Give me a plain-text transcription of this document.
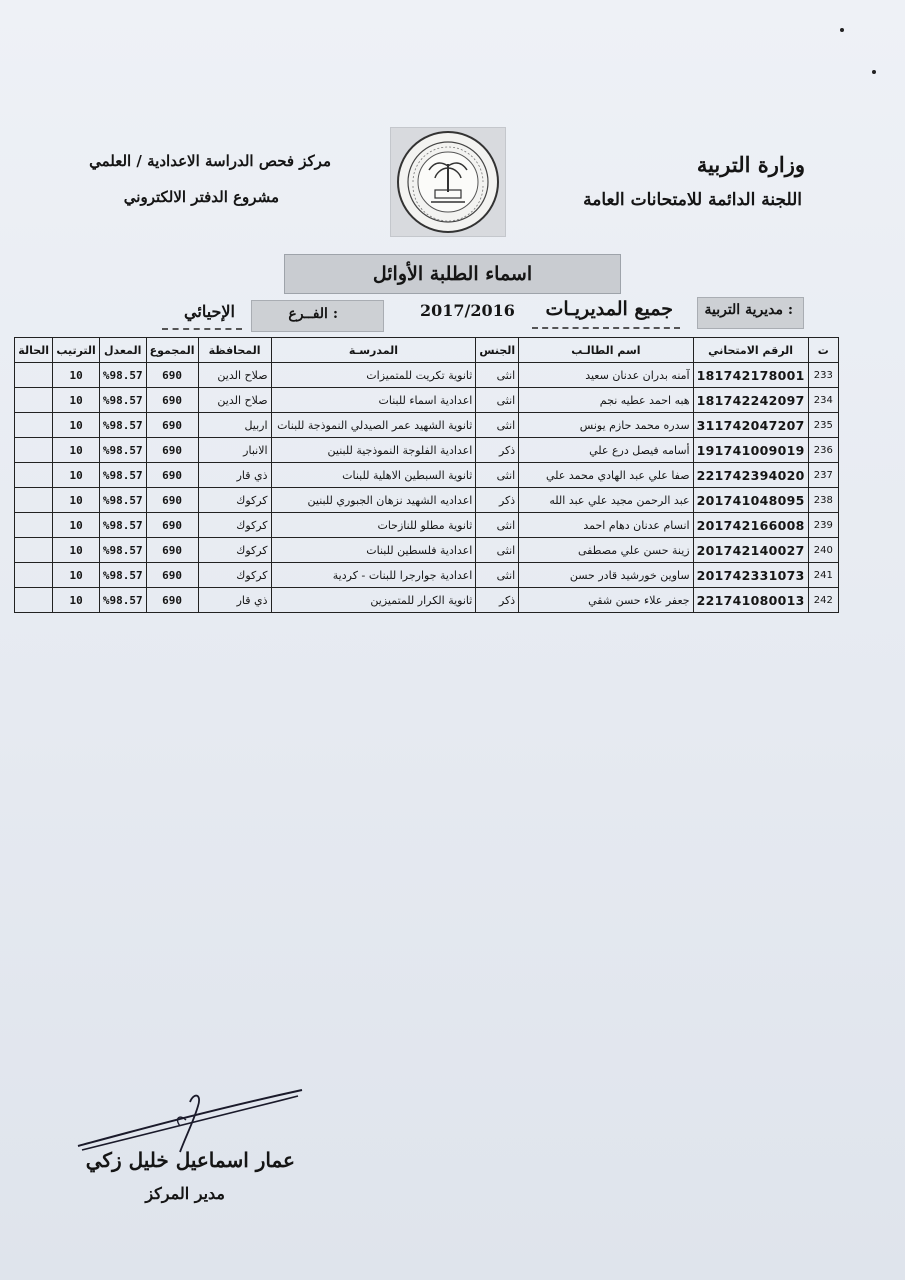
وزارة التربية
اللجنة الدائمة للامتحانات العامة
مركز فحص الدراسة الاعدادية / العلمي
مشروع الدفتر الالكتروني
اسماء الطلبة الأوائل
مديرية التربية :
جميع المديريـات
2017/2016
الفــرع :
الإحيائي
ت	الرقم الامتحاني	اسم الطالـب	الجنس	المدرسـة	المحافظة	المجموع	المعدل	الترتيب	الحالة
233	181742178001	آمنه بدران عدنان سعيد	انثى	ثانوية تكريت للمتميزات	صلاح الدين	690	%98.57	10	
234	181742242097	هبه احمد عطيه نجم	انثى	اعدادية اسماء للبنات	صلاح الدين	690	%98.57	10	
235	311742047207	سدره محمد حازم يونس	انثى	ثانوية الشهيد عمر الصيدلي النموذجة للبنات	اربيل	690	%98.57	10	
236	191741009019	أسامه فيصل درع علي	ذكر	اعدادية الفلوجة النموذجية للبنين	الانبار	690	%98.57	10	
237	221742394020	صفا علي عبد الهادي محمد علي	انثى	ثانوية السبطين الاهلية للبنات	ذي قار	690	%98.57	10	
238	201741048095	عبد الرحمن مجيد علي عبد الله	ذكر	اعداديه الشهيد نزهان الجبوري للبنين	كركوك	690	%98.57	10	
239	201742166008	انسام عدنان دهام احمد	انثى	ثانوية مطلو للنازحات	كركوك	690	%98.57	10	
240	201742140027	زينة حسن علي مصطفى	انثى	اعدادية فلسطين للبنات	كركوك	690	%98.57	10	
241	201742331073	ساوين خورشيد قادر حسن	انثى	اعدادية جوارجرا للبنات - كردية	كركوك	690	%98.57	10	
242	221741080013	جعفر علاء حسن شقي	ذكر	ثانوية الكرار للمتميزين	ذي قار	690	%98.57	10	
عمار اسماعيل خليل زكي
مدير المركز
